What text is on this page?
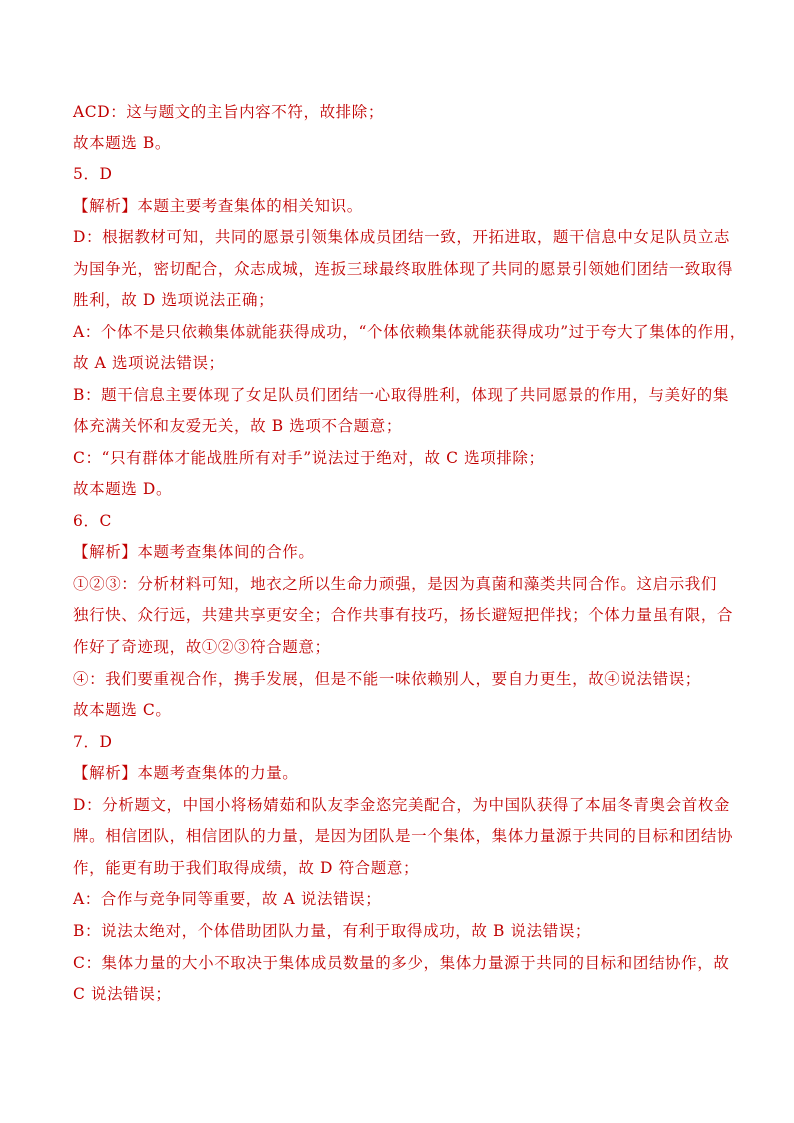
ACD：这与题文的主旨内容不符，故排除；
故本题选 B。
5．D
【解析】本题主要考查集体的相关知识。
D：根据教材可知，共同的愿景引领集体成员团结一致，开拓进取，题干信息中女足队员立志
为国争光，密切配合，众志成城，连扳三球最终取胜体现了共同的愿景引领她们团结一致取得
胜利，故 D 选项说法正确；
A：个体不是只依赖集体就能获得成功，“个体依赖集体就能获得成功”过于夸大了集体的作用，
故 A 选项说法错误；
B：题干信息主要体现了女足队员们团结一心取得胜利，体现了共同愿景的作用，与美好的集
体充满关怀和友爱无关，故 B 选项不合题意；
C：“只有群体才能战胜所有对手”说法过于绝对，故 C 选项排除；
故本题选 D。
6．C
【解析】本题考查集体间的合作。
①②③：分析材料可知，地衣之所以生命力顽强，是因为真菌和藻类共同合作。这启示我们
独行快、众行远，共建共享更安全；合作共事有技巧，扬长避短把伴找；个体力量虽有限，合
作好了奇迹现，故①②③符合题意；
④：我们要重视合作，携手发展，但是不能一味依赖别人，要自力更生，故④说法错误；
故本题选 C。
7．D
【解析】本题考查集体的力量。
D：分析题文，中国小将杨婧茹和队友李金恣完美配合，为中国队获得了本届冬青奥会首枚金
牌。相信团队，相信团队的力量，是因为团队是一个集体，集体力量源于共同的目标和团结协
作，能更有助于我们取得成绩，故 D 符合题意；
A：合作与竞争同等重要，故 A 说法错误；
B：说法太绝对，个体借助团队力量，有利于取得成功，故 B 说法错误；
C：集体力量的大小不取决于集体成员数量的多少，集体力量源于共同的目标和团结协作，故
C 说法错误；
